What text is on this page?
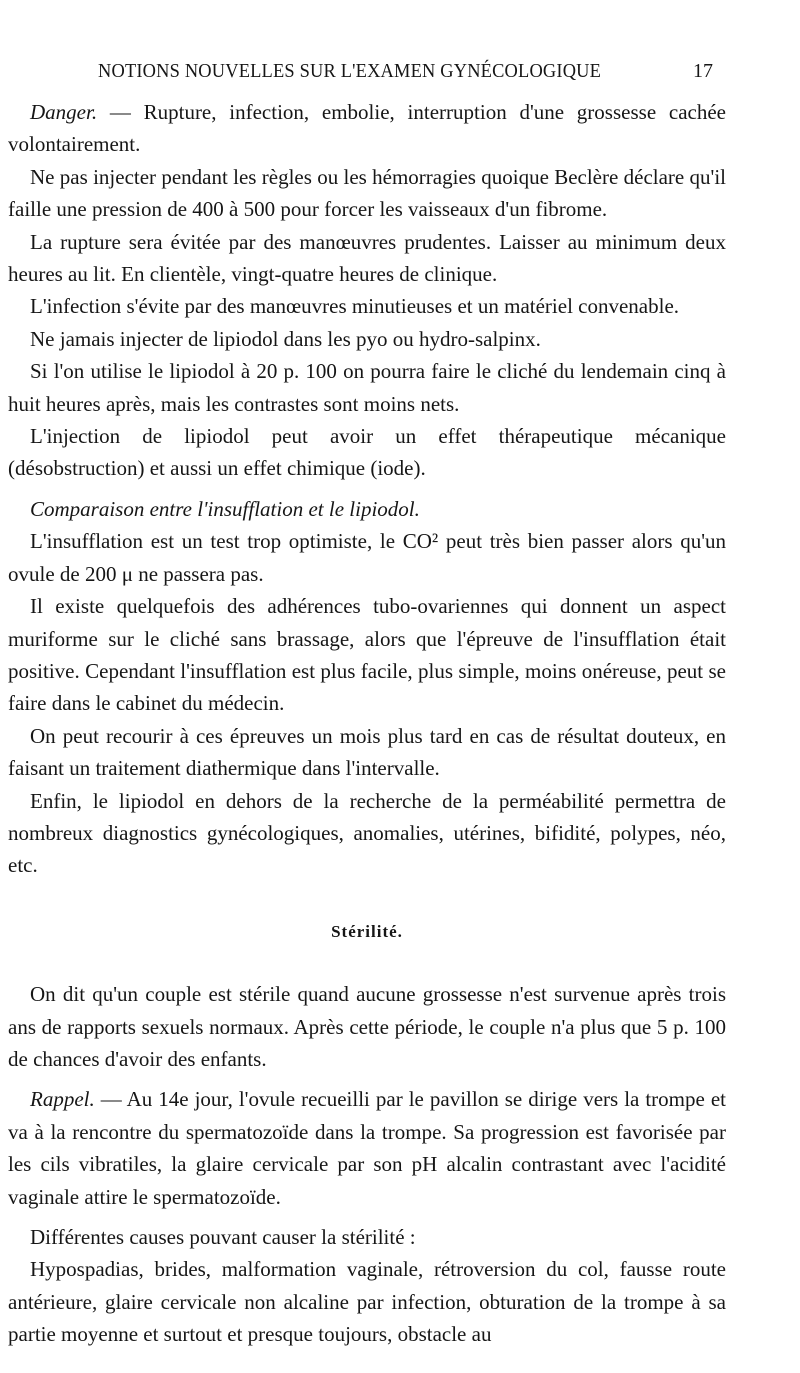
NOTIONS NOUVELLES SUR L'EXAMEN GYNÉCOLOGIQUE	17

Danger. — Rupture, infection, embolie, interruption d'une grossesse cachée volontairement.

Ne pas injecter pendant les règles ou les hémorragies quoique Beclère déclare qu'il faille une pression de 400 à 500 pour forcer les vaisseaux d'un fibrome.

La rupture sera évitée par des manœuvres prudentes. Laisser au minimum deux heures au lit. En clientèle, vingt-quatre heures de clinique.

L'infection s'évite par des manœuvres minutieuses et un matériel convenable.

Ne jamais injecter de lipiodol dans les pyo ou hydro-salpinx.

Si l'on utilise le lipiodol à 20 p. 100 on pourra faire le cliché du lendemain cinq à huit heures après, mais les contrastes sont moins nets.

L'injection de lipiodol peut avoir un effet thérapeutique mécanique (désobstruction) et aussi un effet chimique (iode).

Comparaison entre l'insufflation et le lipiodol.

L'insufflation est un test trop optimiste, le CO² peut très bien passer alors qu'un ovule de 200 μ ne passera pas.

Il existe quelquefois des adhérences tubo-ovariennes qui donnent un aspect muriforme sur le cliché sans brassage, alors que l'épreuve de l'insufflation était positive. Cependant l'insufflation est plus facile, plus simple, moins onéreuse, peut se faire dans le cabinet du médecin.

On peut recourir à ces épreuves un mois plus tard en cas de résultat douteux, en faisant un traitement diathermique dans l'intervalle.

Enfin, le lipiodol en dehors de la recherche de la perméabilité permettra de nombreux diagnostics gynécologiques, anomalies, utérines, bifidité, polypes, néo, etc.

Stérilité.

On dit qu'un couple est stérile quand aucune grossesse n'est survenue après trois ans de rapports sexuels normaux. Après cette période, le couple n'a plus que 5 p. 100 de chances d'avoir des enfants.

Rappel. — Au 14e jour, l'ovule recueilli par le pavillon se dirige vers la trompe et va à la rencontre du spermatozoïde dans la trompe. Sa progression est favorisée par les cils vibratiles, la glaire cervicale par son pH alcalin contrastant avec l'acidité vaginale attire le spermatozoïde.

Différentes causes pouvant causer la stérilité :

Hypospadias, brides, malformation vaginale, rétroversion du col, fausse route antérieure, glaire cervicale non alcaline par infection, obturation de la trompe à sa partie moyenne et surtout et presque toujours, obstacle au
